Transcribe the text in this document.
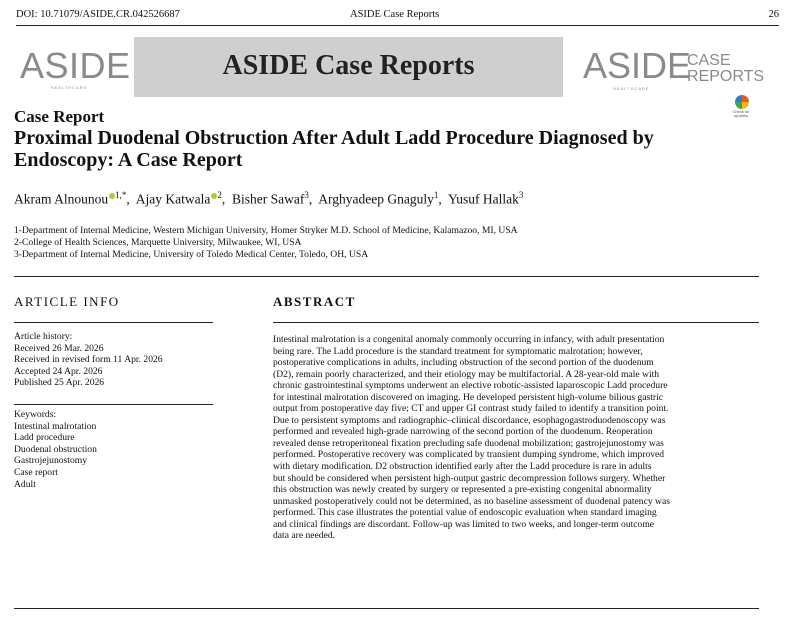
DOI: 10.71079/ASIDE.CR.042526687	ASIDE Case Reports	26
ASIDE
HEALTHCARE
ASIDE Case Reports	ASIDE
CASE
REPORTS
HEALTHCARE
Check for updates
Case Report
Proximal Duodenal Obstruction After Adult Ladd Procedure Diagnosed by
Endoscopy: A Case Report
Akram Alnounou $^{1,*}$,  Ajay Katwala $^2$,  Bisher Sawaf$^3$,  Arghyadeep Gnaguly$^1$,  Yusuf Hallak$^3$
1-Department of Internal Medicine, Western Michigan University, Homer Stryker M.D. School of Medicine, Kalamazoo, MI, USA
2-College of Health Sciences, Marquette University, Milwaukee, WI, USA
3-Department of Internal Medicine, University of Toledo Medical Center, Toledo, OH, USA
ARTICLE INFO	ABSTRACT
Article history:
Received 26 Mar. 2026
Received in revised form 11 Apr. 2026
Accepted 24 Apr. 2026
Published 25 Apr. 2026
Keywords:
Intestinal malrotation
Ladd procedure
Duodenal obstruction
Gastrojejunostomy
Case report
Adult
Intestinal malrotation is a congenital anomaly commonly occurring in infancy, with adult presentation
being rare. The Ladd procedure is the standard treatment for symptomatic malrotation; however,
postoperative complications in adults, including obstruction of the second portion of the duodenum
(D2), remain poorly characterized, and their etiology may be multifactorial. A 28-year-old male with
chronic gastrointestinal symptoms underwent an elective robotic-assisted laparoscopic Ladd procedure
for intestinal malrotation discovered on imaging. He developed persistent high-volume bilious gastric
output from postoperative day five; CT and upper GI contrast study failed to identify a transition point.
Due to persistent symptoms and radiographic–clinical discordance, esophagogastroduodenoscopy was
performed and revealed high-grade narrowing of the second portion of the duodenum. Reoperation
revealed dense retroperitoneal fixation precluding safe duodenal mobilization; gastrojejunostomy was
performed. Postoperative recovery was complicated by transient dumping syndrome, which improved
with dietary modification. D2 obstruction identified early after the Ladd procedure is rare in adults
but should be considered when persistent high-output gastric decompression follows surgery. Whether
this obstruction was newly created by surgery or represented a pre-existing congenital abnormality
unmasked postoperatively could not be determined, as no baseline assessment of duodenal patency was
performed. This case illustrates the potential value of endoscopic evaluation when standard imaging
and clinical findings are discordant. Follow-up was limited to two weeks, and longer-term outcome
data are needed.
